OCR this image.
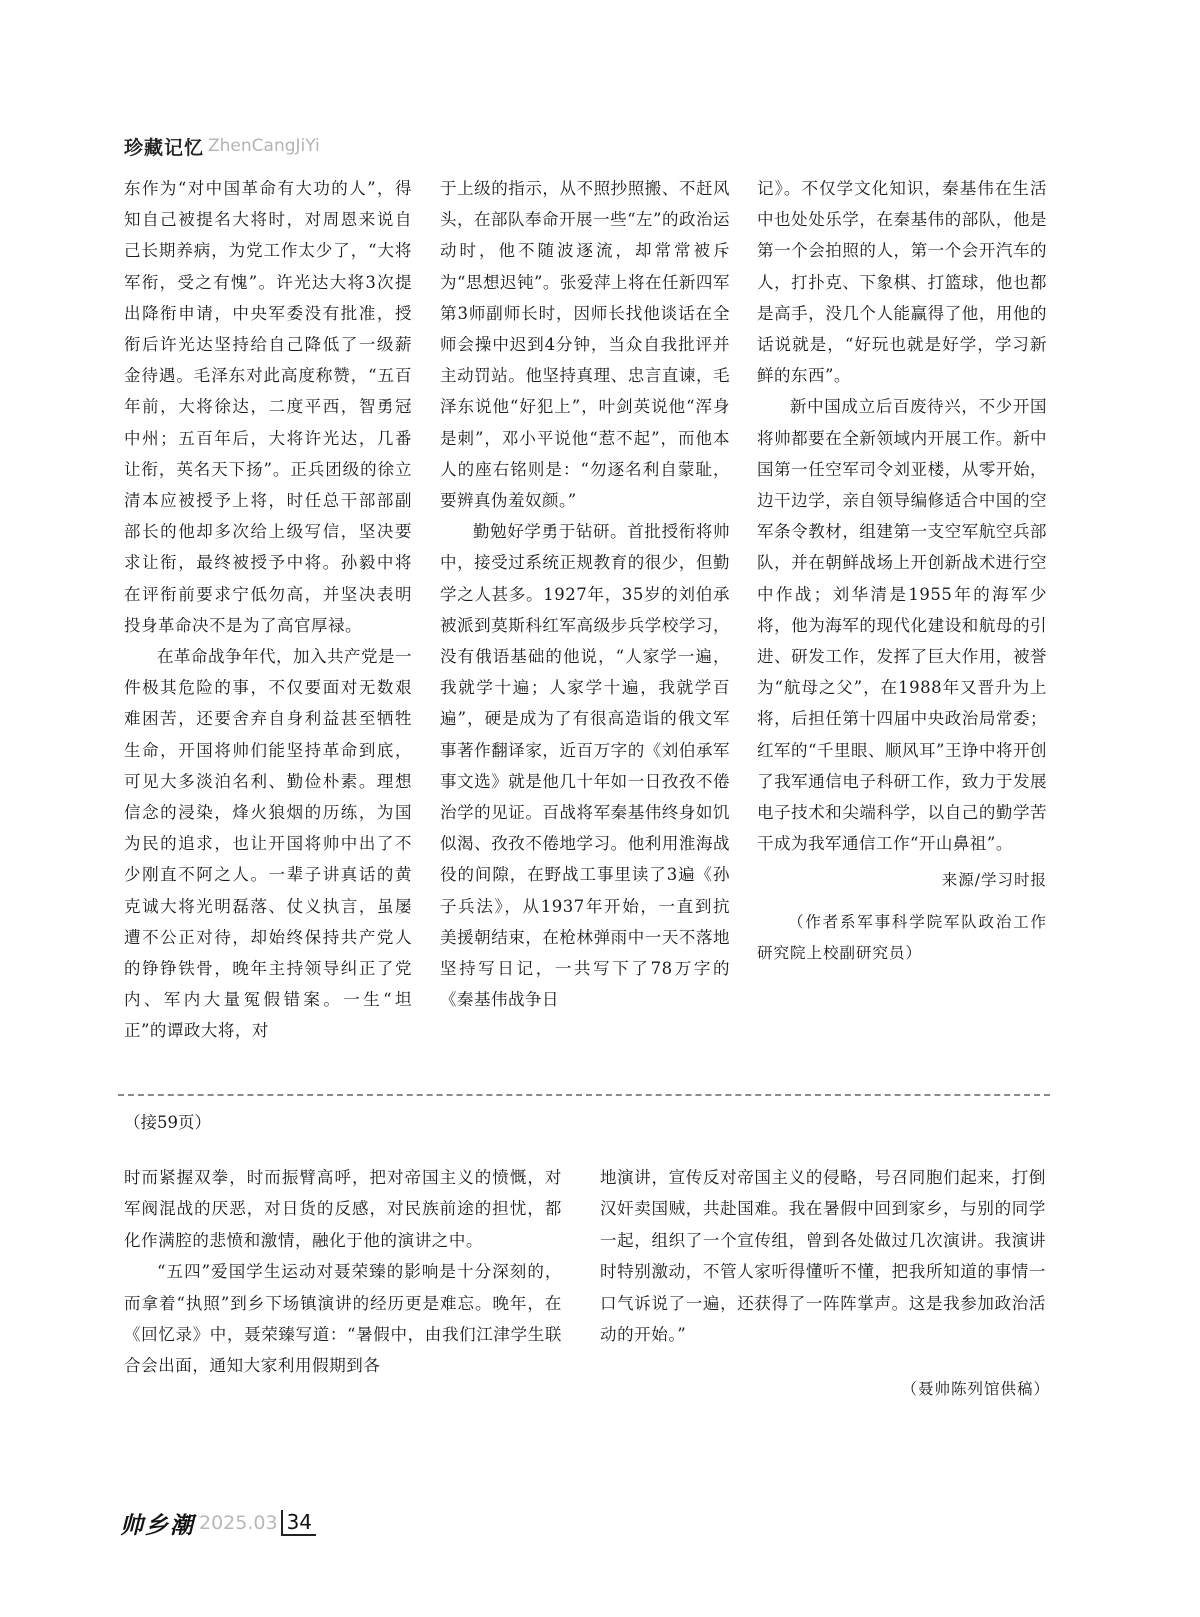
珍藏记忆 ZhenCangJiYi

东作为“对中国革命有大功的人”，得知自己被提名大将时，对周恩来说自己长期养病，为党工作太少了，“大将军衔，受之有愧”。许光达大将3次提出降衔申请，中央军委没有批准，授衔后许光达坚持给自己降低了一级薪金待遇。毛泽东对此高度称赞，“五百年前，大将徐达，二度平西，智勇冠中州；五百年后，大将许光达，几番让衔，英名天下扬”。正兵团级的徐立清本应被授予上将，时任总干部部副部长的他却多次给上级写信，坚决要求让衔，最终被授予中将。孙毅中将在评衔前要求宁低勿高，并坚决表明投身革命决不是为了高官厚禄。

在革命战争年代，加入共产党是一件极其危险的事，不仅要面对无数艰难困苦，还要舍弃自身利益甚至牺牲生命，开国将帅们能坚持革命到底，可见大多淡泊名利、勤俭朴素。理想信念的浸染，烽火狼烟的历练，为国为民的追求，也让开国将帅中出了不少刚直不阿之人。一辈子讲真话的黄克诚大将光明磊落、仗义执言，虽屡遭不公正对待，却始终保持共产党人的铮铮铁骨，晚年主持领导纠正了党内、军内大量冤假错案。一生“坦正”的谭政大将，对

于上级的指示，从不照抄照搬、不赶风头，在部队奉命开展一些“左”的政治运动时，他不随波逐流，却常常被斥为“思想迟钝”。张爱萍上将在任新四军第3师副师长时，因师长找他谈话在全师会操中迟到4分钟，当众自我批评并主动罚站。他坚持真理、忠言直谏，毛泽东说他“好犯上”，叶剑英说他“浑身是刺”，邓小平说他“惹不起”，而他本人的座右铭则是：“勿逐名利自蒙耻，要辨真伪羞奴颜。”

勤勉好学勇于钻研。首批授衔将帅中，接受过系统正规教育的很少，但勤学之人甚多。1927年，35岁的刘伯承被派到莫斯科红军高级步兵学校学习，没有俄语基础的他说，“人家学一遍，我就学十遍；人家学十遍，我就学百遍”，硬是成为了有很高造诣的俄文军事著作翻译家，近百万字的《刘伯承军事文选》就是他几十年如一日孜孜不倦治学的见证。百战将军秦基伟终身如饥似渴、孜孜不倦地学习。他利用淮海战役的间隙，在野战工事里读了3遍《孙子兵法》，从1937年开始，一直到抗美援朝结束，在枪林弹雨中一天不落地坚持写日记，一共写下了78万字的《秦基伟战争日

记》。不仅学文化知识，秦基伟在生活中也处处乐学，在秦基伟的部队，他是第一个会拍照的人，第一个会开汽车的人，打扑克、下象棋、打篮球，他也都是高手，没几个人能赢得了他，用他的话说就是，“好玩也就是好学，学习新鲜的东西”。

新中国成立后百废待兴，不少开国将帅都要在全新领域内开展工作。新中国第一任空军司令刘亚楼，从零开始，边干边学，亲自领导编修适合中国的空军条令教材，组建第一支空军航空兵部队，并在朝鲜战场上开创新战术进行空中作战；刘华清是1955年的海军少将，他为海军的现代化建设和航母的引进、研发工作，发挥了巨大作用，被誉为“航母之父”，在1988年又晋升为上将，后担任第十四届中央政治局常委；红军的“千里眼、顺风耳”王诤中将开创了我军通信电子科研工作，致力于发展电子技术和尖端科学，以自己的勤学苦干成为我军通信工作“开山鼻祖”。

来源/学习时报

（作者系军事科学院军队政治工作研究院上校副研究员）

（接59页）

时而紧握双拳，时而振臂高呼，把对帝国主义的愤慨，对军阀混战的厌恶，对日货的反感，对民族前途的担忧，都化作满腔的悲愤和激情，融化于他的演讲之中。

“五四”爱国学生运动对聂荣臻的影响是十分深刻的，而拿着“执照”到乡下场镇演讲的经历更是难忘。晚年，在《回忆录》中，聂荣臻写道：“暑假中，由我们江津学生联合会出面，通知大家利用假期到各

地演讲，宣传反对帝国主义的侵略，号召同胞们起来，打倒汉奸卖国贼，共赴国难。我在暑假中回到家乡，与别的同学一起，组织了一个宣传组，曾到各处做过几次演讲。我演讲时特别激动，不管人家听得懂听不懂，把我所知道的事情一口气诉说了一遍，还获得了一阵阵掌声。这是我参加政治活动的开始。”

（聂帅陈列馆供稿）
帅乡潮 2025.03 34
